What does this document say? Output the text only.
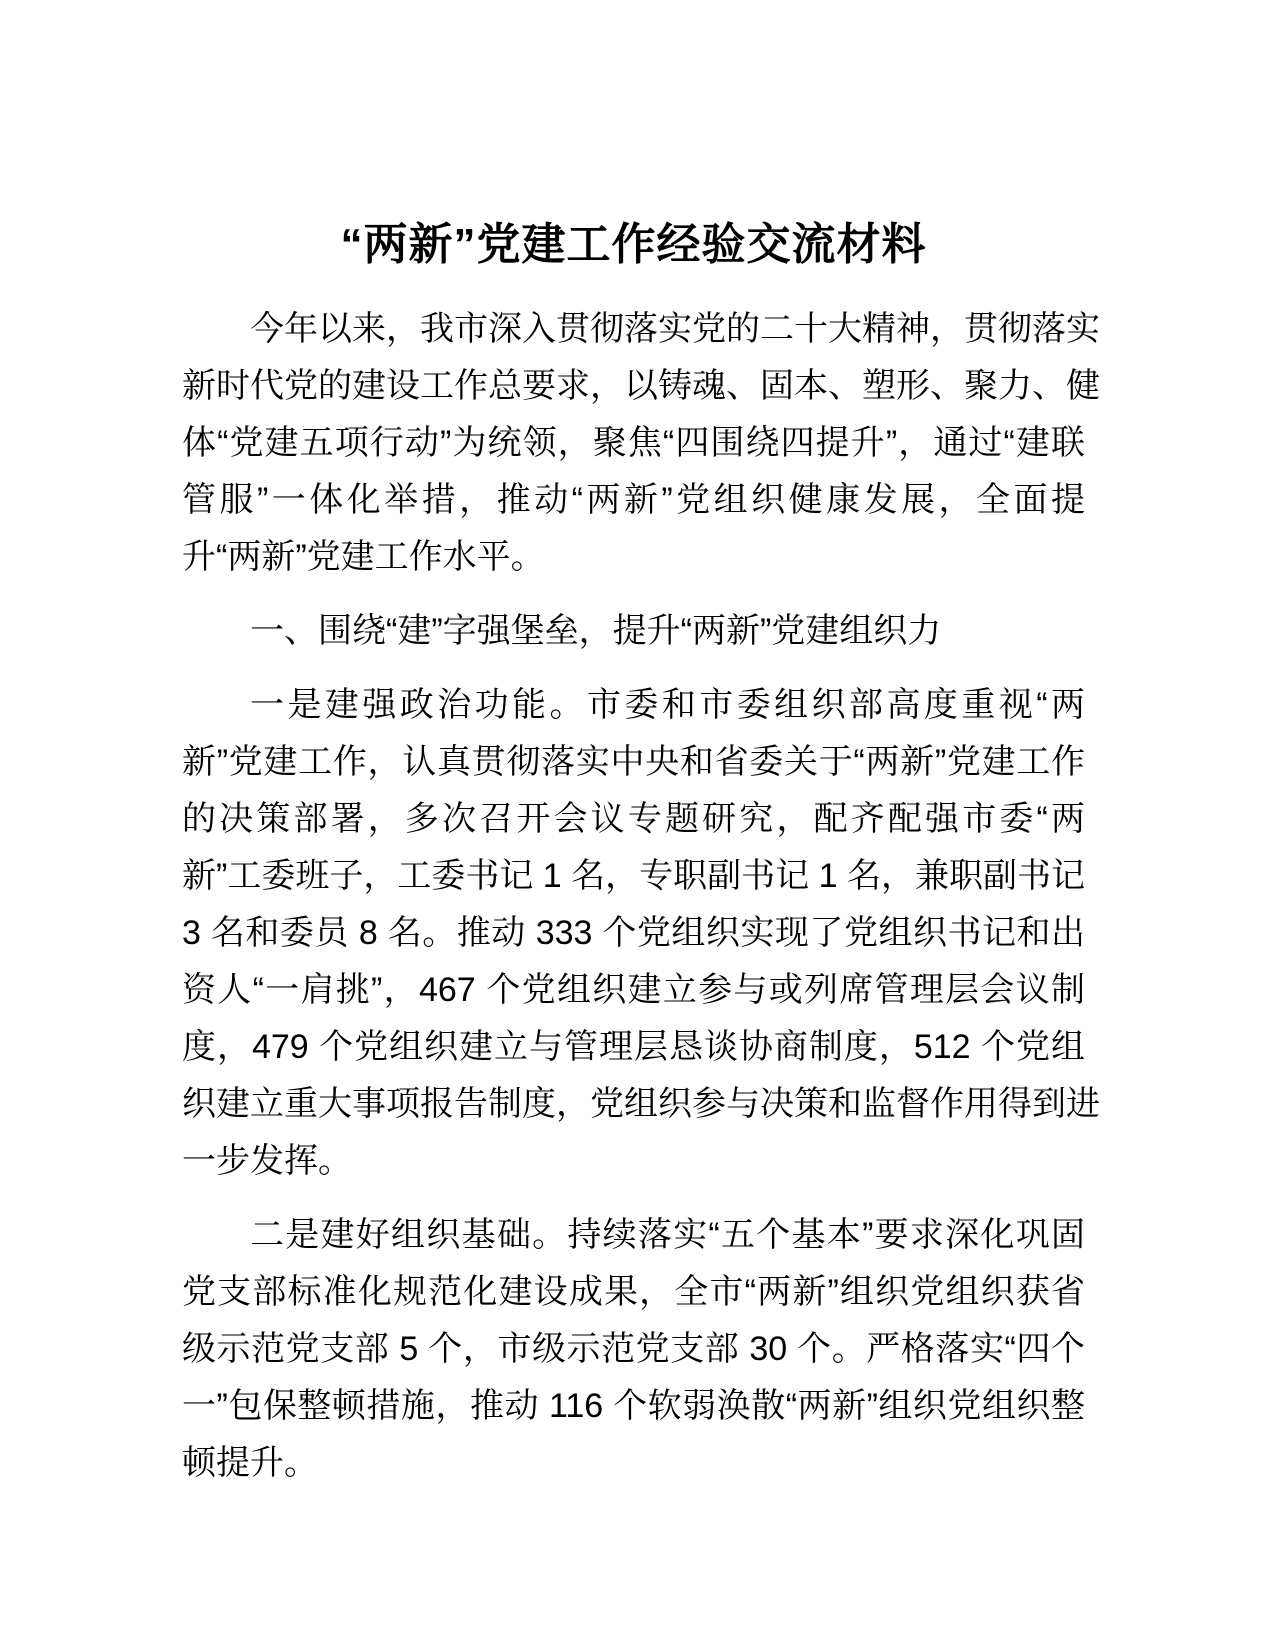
“两新”党建工作经验交流材料
今年以来，我市深入贯彻落实党的二十大精神，贯彻落实
新时代党的建设工作总要求，以铸魂、固本、塑形、聚力、健
体“党建五项行动”为统领，聚焦“四围绕四提升”，通过“建联
管服”一体化举措，推动“两新”党组织健康发展，全面提
升“两新”党建工作水平。
一、围绕“建”字强堡垒，提升“两新”党建组织力
一是建强政治功能。市委和市委组织部高度重视“两
新”党建工作，认真贯彻落实中央和省委关于“两新”党建工作
的决策部署，多次召开会议专题研究，配齐配强市委“两
新”工委班子，工委书记 1 名，专职副书记 1 名，兼职副书记
3 名和委员 8 名。推动 333 个党组织实现了党组织书记和出
资人“一肩挑”，467 个党组织建立参与或列席管理层会议制
度，479 个党组织建立与管理层恳谈协商制度，512 个党组
织建立重大事项报告制度，党组织参与决策和监督作用得到进
一步发挥。
二是建好组织基础。持续落实“五个基本”要求深化巩固
党支部标准化规范化建设成果，全市“两新”组织党组织获省
级示范党支部 5 个，市级示范党支部 30 个。严格落实“四个
一”包保整顿措施，推动 116 个软弱涣散“两新”组织党组织整
顿提升。
